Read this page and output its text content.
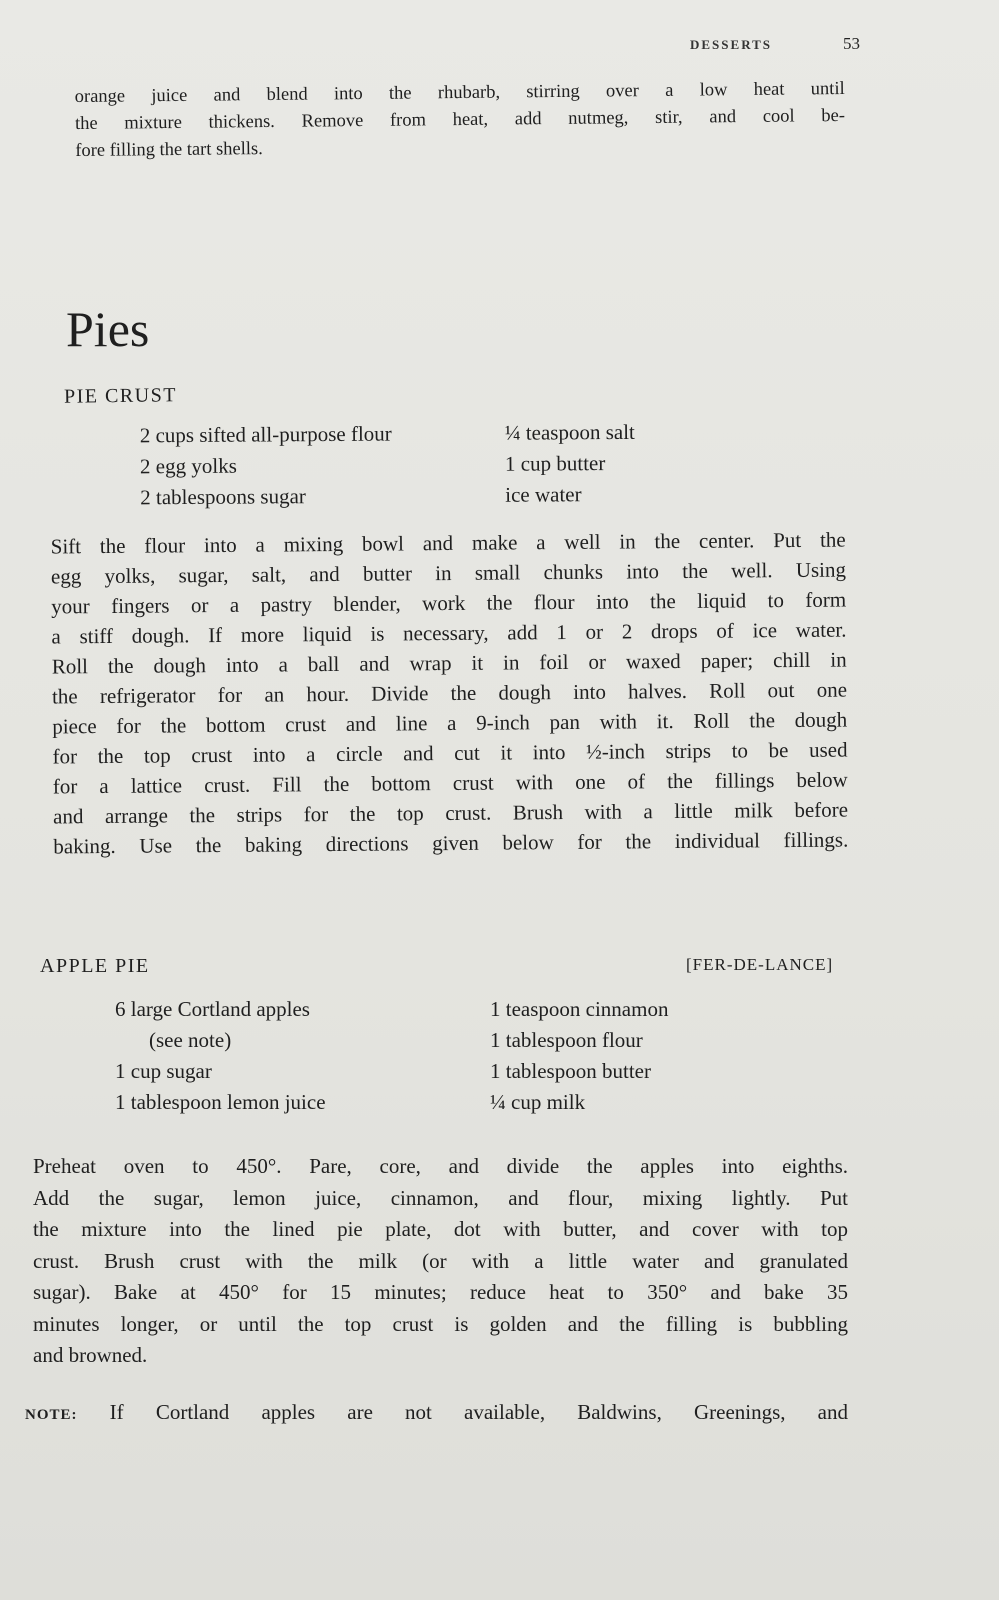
DESSERTS	53
orange juice and blend into the rhubarb, stirring over a low heat until
the mixture thickens. Remove from heat, add nutmeg, stir, and cool be-
fore filling the tart shells.
Pies
PIE CRUST
2 cups sifted all-purpose flour
2 egg yolks
2 tablespoons sugar
¼ teaspoon salt
1 cup butter
ice water
Sift the flour into a mixing bowl and make a well in the center. Put the
egg yolks, sugar, salt, and butter in small chunks into the well. Using
your fingers or a pastry blender, work the flour into the liquid to form
a stiff dough. If more liquid is necessary, add 1 or 2 drops of ice water.
Roll the dough into a ball and wrap it in foil or waxed paper; chill in
the refrigerator for an hour. Divide the dough into halves. Roll out one
piece for the bottom crust and line a 9-inch pan with it. Roll the dough
for the top crust into a circle and cut it into ½-inch strips to be used
for a lattice crust. Fill the bottom crust with one of the fillings below
and arrange the strips for the top crust. Brush with a little milk before
baking. Use the baking directions given below for the individual fillings.
APPLE PIE	[FER-DE-LANCE]
6 large Cortland apples
(see note)
1 cup sugar
1 tablespoon lemon juice
1 teaspoon cinnamon
1 tablespoon flour
1 tablespoon butter
¼ cup milk
Preheat oven to 450°. Pare, core, and divide the apples into eighths.
Add the sugar, lemon juice, cinnamon, and flour, mixing lightly. Put
the mixture into the lined pie plate, dot with butter, and cover with top
crust. Brush crust with the milk (or with a little water and granulated
sugar). Bake at 450° for 15 minutes; reduce heat to 350° and bake 35
minutes longer, or until the top crust is golden and the filling is bubbling
and browned.
NOTE: If Cortland apples are not available, Baldwins, Greenings, and
